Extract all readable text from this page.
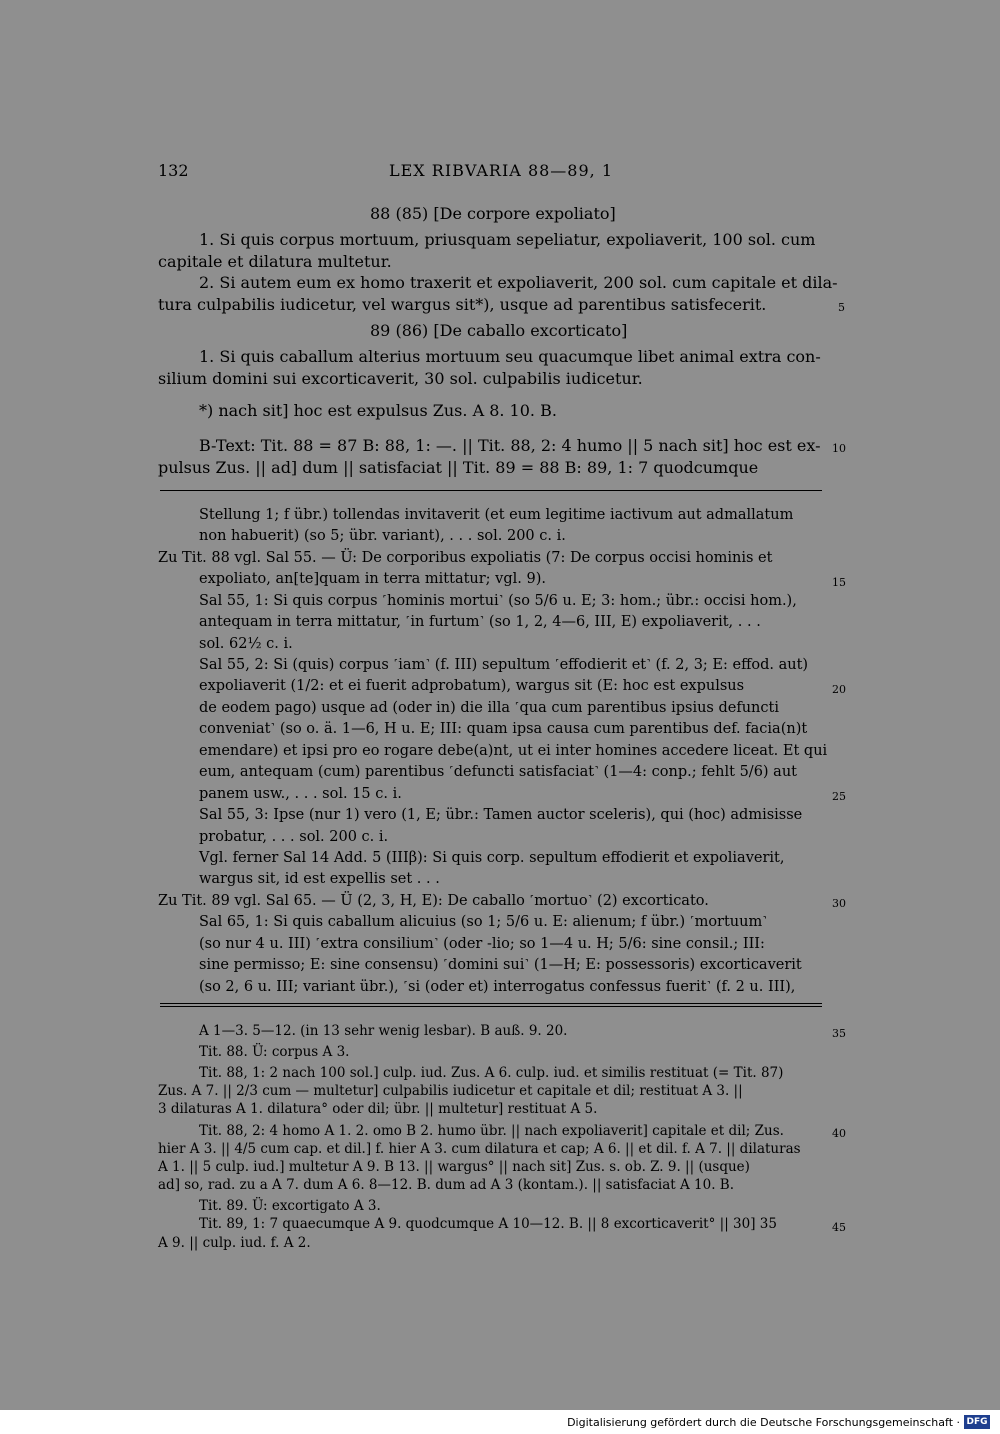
132	LEX RIBVARIA 88—89, 1
88 (85) [De corpore expoliato]
1. Si quis corpus mortuum, priusquam sepeliatur, expoliaverit, 100 sol. cum
capitale et dilatura multetur.
2. Si autem eum ex homo traxerit et expoliaverit, 200 sol. cum capitale et dila-
tura culpabilis iudicetur, vel wargus sit*), usque ad parentibus satisfecerit.
89 (86) [De caballo excorticato]
1. Si quis caballum alterius mortuum seu quacumque libet animal extra con-
silium domini sui excorticaverit, 30 sol. culpabilis iudicetur.
*) nach sit] hoc est expulsus Zus. A 8. 10. B.
B-Text: Tit. 88 = 87 B: 88, 1: —. || Tit. 88, 2: 4 humo || 5 nach sit] hoc est ex-
pulsus Zus. || ad] dum || satisfaciat || Tit. 89 = 88 B: 89, 1: 7 quodcumque
Stellung 1; f übr.) tollendas invitaverit (et eum legitime iactivum aut admallatum
non habuerit) (so 5; übr. variant), . . . sol. 200 c. i.
Zu Tit. 88 vgl. Sal 55. — Ü: De corporibus expoliatis (7: De corpus occisi hominis et
expoliato, an[te]quam in terra mittatur; vgl. 9).
Sal 55, 1: Si quis corpus ˹hominis mortui˺ (so 5/6 u. E; 3: hom.; übr.: occisi hom.),
antequam in terra mittatur, ˹in furtum˺ (so 1, 2, 4—6, III, E) expoliaverit, . . .
sol. 62½ c. i.
Sal 55, 2: Si (quis) corpus ˹iam˺ (f. III) sepultum ˹effodierit et˺ (f. 2, 3; E: effod. aut)
expoliaverit (1/2: et ei fuerit adprobatum), wargus sit (E: hoc est expulsus
de eodem pago) usque ad (oder in) die illa ˹qua cum parentibus ipsius defuncti
conveniat˺ (so o. ä. 1—6, H u. E; III: quam ipsa causa cum parentibus def. facia(n)t
emendare) et ipsi pro eo rogare debe(a)nt, ut ei inter homines accedere liceat. Et qui
eum, antequam (cum) parentibus ˹defuncti satisfaciat˺ (1—4: conp.; fehlt 5/6) aut
panem usw., . . . sol. 15 c. i.
Sal 55, 3: Ipse (nur 1) vero (1, E; übr.: Tamen auctor sceleris), qui (hoc) admisisse
probatur, . . . sol. 200 c. i.
Vgl. ferner Sal 14 Add. 5 (IIIβ): Si quis corp. sepultum effodierit et expoliaverit,
wargus sit, id est expellis set . . .
Zu Tit. 89 vgl. Sal 65. — Ü (2, 3, H, E): De caballo ˹mortuo˺ (2) excorticato.
Sal 65, 1: Si quis caballum alicuius (so 1; 5/6 u. E: alienum; f übr.) ˹mortuum˺
(so nur 4 u. III) ˹extra consilium˺ (oder -lio; so 1—4 u. H; 5/6: sine consil.; III:
sine permisso; E: sine consensu) ˹domini sui˺ (1—H; E: possessoris) excorticaverit
(so 2, 6 u. III; variant übr.), ˹si (oder et) interrogatus confessus fuerit˺ (f. 2 u. III),
A 1—3. 5—12. (in 13 sehr wenig lesbar). B auß. 9. 20.
Tit. 88. Ü: corpus A 3.
Tit. 88, 1: 2 nach 100 sol.] culp. iud. Zus. A 6. culp. iud. et similis restituat (= Tit. 87)
Zus. A 7. || 2/3 cum — multetur] culpabilis iudicetur et capitale et dil; restituat A 3. ||
3 dilaturas A 1. dilatura° oder dil; übr. || multetur] restituat A 5.
Tit. 88, 2: 4 homo A 1. 2. omo B 2. humo übr. || nach expoliaverit] capitale et dil; Zus.
hier A 3. || 4/5 cum cap. et dil.] f. hier A 3. cum dilatura et cap; A 6. || et dil. f. A 7. || dilaturas
A 1. || 5 culp. iud.] multetur A 9. B 13. || wargus° || nach sit] Zus. s. ob. Z. 9. || (usque)
ad] so, rad. zu a A 7. dum A 6. 8—12. B. dum ad A 3 (kontam.). || satisfaciat A 10. B.
Tit. 89. Ü: excortigato A 3.
Tit. 89, 1: 7 quaecumque A 9. quodcumque A 10—12. B. || 8 excorticaverit° || 30] 35
A 9. || culp. iud. f. A 2.
5
10
15
20
25
30
35
40
45
Digitalisierung gefördert durch die Deutsche Forschungsgemeinschaft · DFG
